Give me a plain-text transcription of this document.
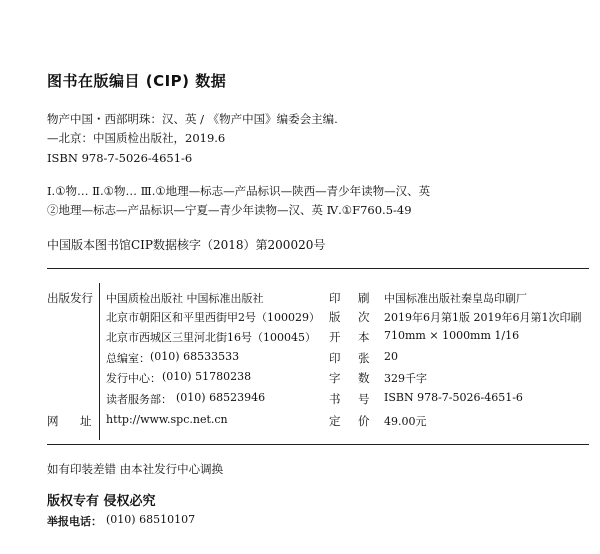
图书在版编目 (CIP) 数据
物产中国・西部明珠：汉、英 / 《物产中国》编委会主编.
—北京：中国质检出版社，2019.6
ISBN 978-7-5026-4651-6
Ⅰ.①物… Ⅱ.①物… Ⅲ.①地理—标志—产品标识—陕西—青少年读物—汉、英
②地理—标志—产品标识—宁夏—青少年读物—汉、英 Ⅳ.①F760.5-49
中国版本图书馆CIP数据核字（2018）第200020号
出版发行 中国质检出版社 中国标准出版社
北京市朝阳区和平里西街甲2号（100029）
北京市西城区三里河北街16号（100045）
总编室： (010) 68533533
发行中心： (010) 51780238
读者服务部： (010) 68523946
网 址 http://www.spc.net.cn
印 刷 中国标准出版社秦皇岛印刷厂
版 次 2019年6月第1版 2019年6月第1次印刷
开 本 710mm × 1000mm 1/16
印 张 20
字 数 329千字
书 号 ISBN 978-7-5026-4651-6
定 价 49.00元
如有印装差错 由本社发行中心调换
版权专有 侵权必究
举报电话： (010) 68510107
